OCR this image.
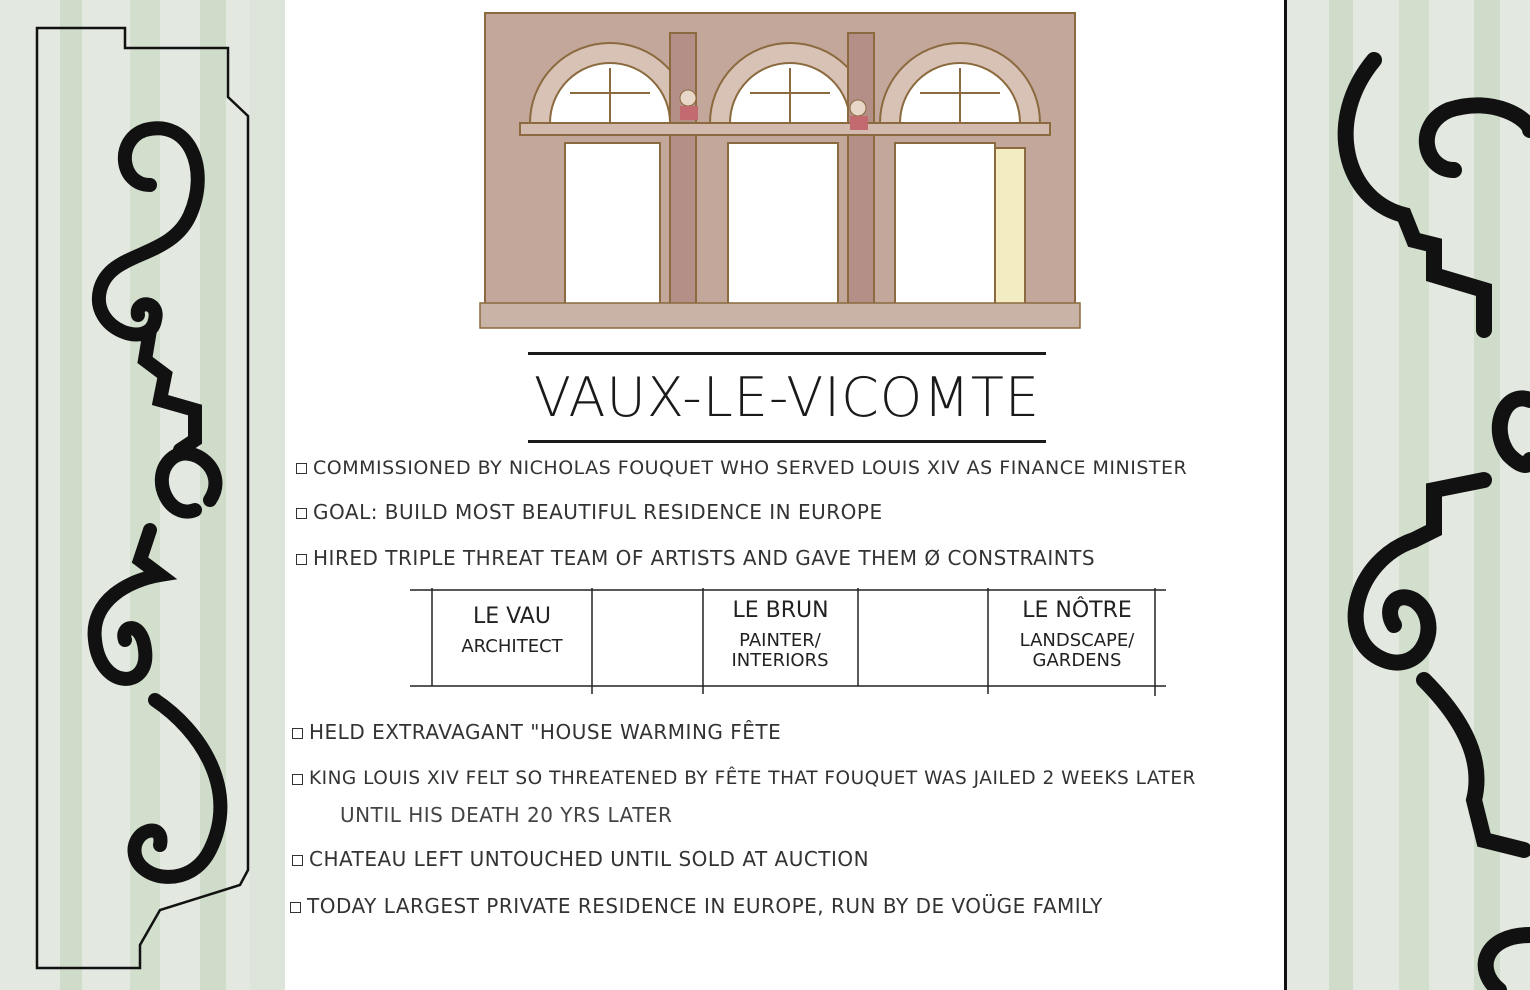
VAUX-LE-VICOMTE
COMMISSIONED BY NICHOLAS FOUQUET WHO SERVED LOUIS XIV AS FINANCE MINISTER
GOAL: BUILD MOST BEAUTIFUL RESIDENCE IN EUROPE
HIRED TRIPLE THREAT TEAM OF ARTISTS AND GAVE THEM Ø CONSTRAINTS
LE VAU
ARCHITECT
LE BRUN
PAINTER/ INTERIORS
LE NÔTRE
LANDSCAPE/ GARDENS
HELD EXTRAVAGANT "HOUSE WARMING FÊTE
KING LOUIS XIV FELT SO THREATENED BY FÊTE THAT FOUQUET WAS JAILED 2 WEEKS LATER
UNTIL HIS DEATH 20 YRS LATER
CHATEAU LEFT UNTOUCHED UNTIL SOLD AT AUCTION
TODAY LARGEST PRIVATE RESIDENCE IN EUROPE, RUN BY DE VOÜGE FAMILY
